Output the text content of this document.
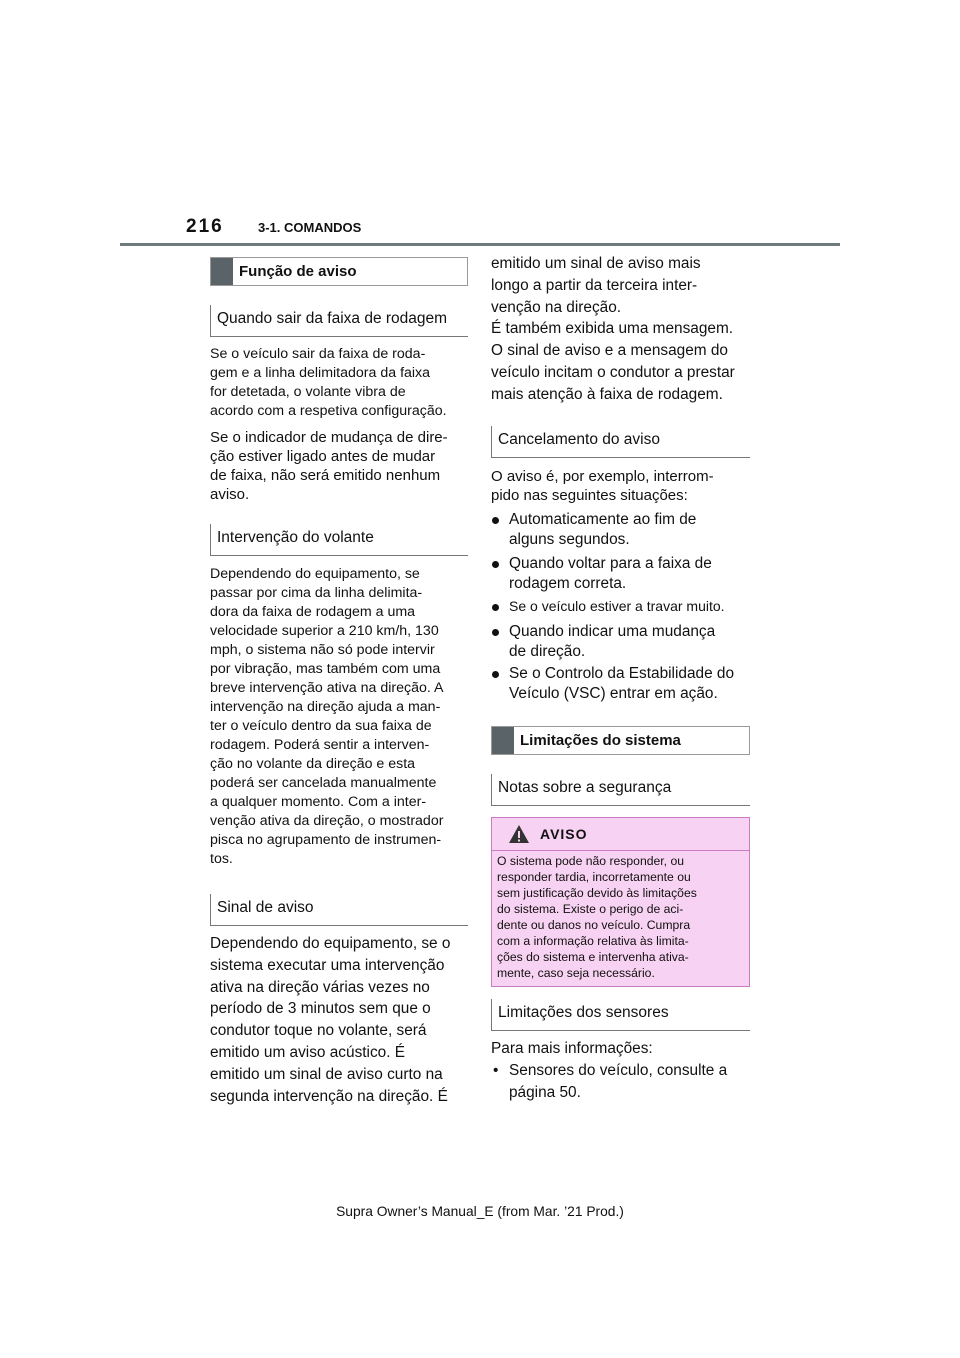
216	3-1. COMANDOS
Função de aviso
Quando sair da faixa de rodagem
Se o veículo sair da faixa de roda-
gem e a linha delimitadora da faixa
for detetada, o volante vibra de
acordo com a respetiva configuração.
Se o indicador de mudança de dire-
ção estiver ligado antes de mudar
de faixa, não será emitido nenhum
aviso.
Intervenção do volante
Dependendo do equipamento, se
passar por cima da linha delimita-
dora da faixa de rodagem a uma
velocidade superior a 210 km/h, 130
mph, o sistema não só pode intervir
por vibração, mas também com uma
breve intervenção ativa na direção. A
intervenção na direção ajuda a man-
ter o veículo dentro da sua faixa de
rodagem. Poderá sentir a interven-
ção no volante da direção e esta
poderá ser cancelada manualmente
a qualquer momento. Com a inter-
venção ativa da direção, o mostrador
pisca no agrupamento de instrumen-
tos.
Sinal de aviso
Dependendo do equipamento, se o
sistema executar uma intervenção
ativa na direção várias vezes no
período de 3 minutos sem que o
condutor toque no volante, será
emitido um aviso acústico. É
emitido um sinal de aviso curto na
segunda intervenção na direção. É
emitido um sinal de aviso mais
longo a partir da terceira inter-
venção na direção.
É também exibida uma mensagem.
O sinal de aviso e a mensagem do
veículo incitam o condutor a prestar
mais atenção à faixa de rodagem.
Cancelamento do aviso
O aviso é, por exemplo, interrom-
pido nas seguintes situações:
Automaticamente ao fim de
alguns segundos.
Quando voltar para a faixa de
rodagem correta.
Se o veículo estiver a travar muito.
Quando indicar uma mudança
de direção.
Se o Controlo da Estabilidade do
Veículo (VSC) entrar em ação.
Limitações do sistema
Notas sobre a segurança
AVISO
O sistema pode não responder, ou
responder tardia, incorretamente ou
sem justificação devido às limitações
do sistema. Existe o perigo de aci-
dente ou danos no veículo. Cumpra
com a informação relativa às limita-
ções do sistema e intervenha ativa-
mente, caso seja necessário.
Limitações dos sensores
Para mais informações:
• Sensores do veículo, consulte a
página 50.
Supra Owner’s Manual_E (from Mar. ’21 Prod.)
